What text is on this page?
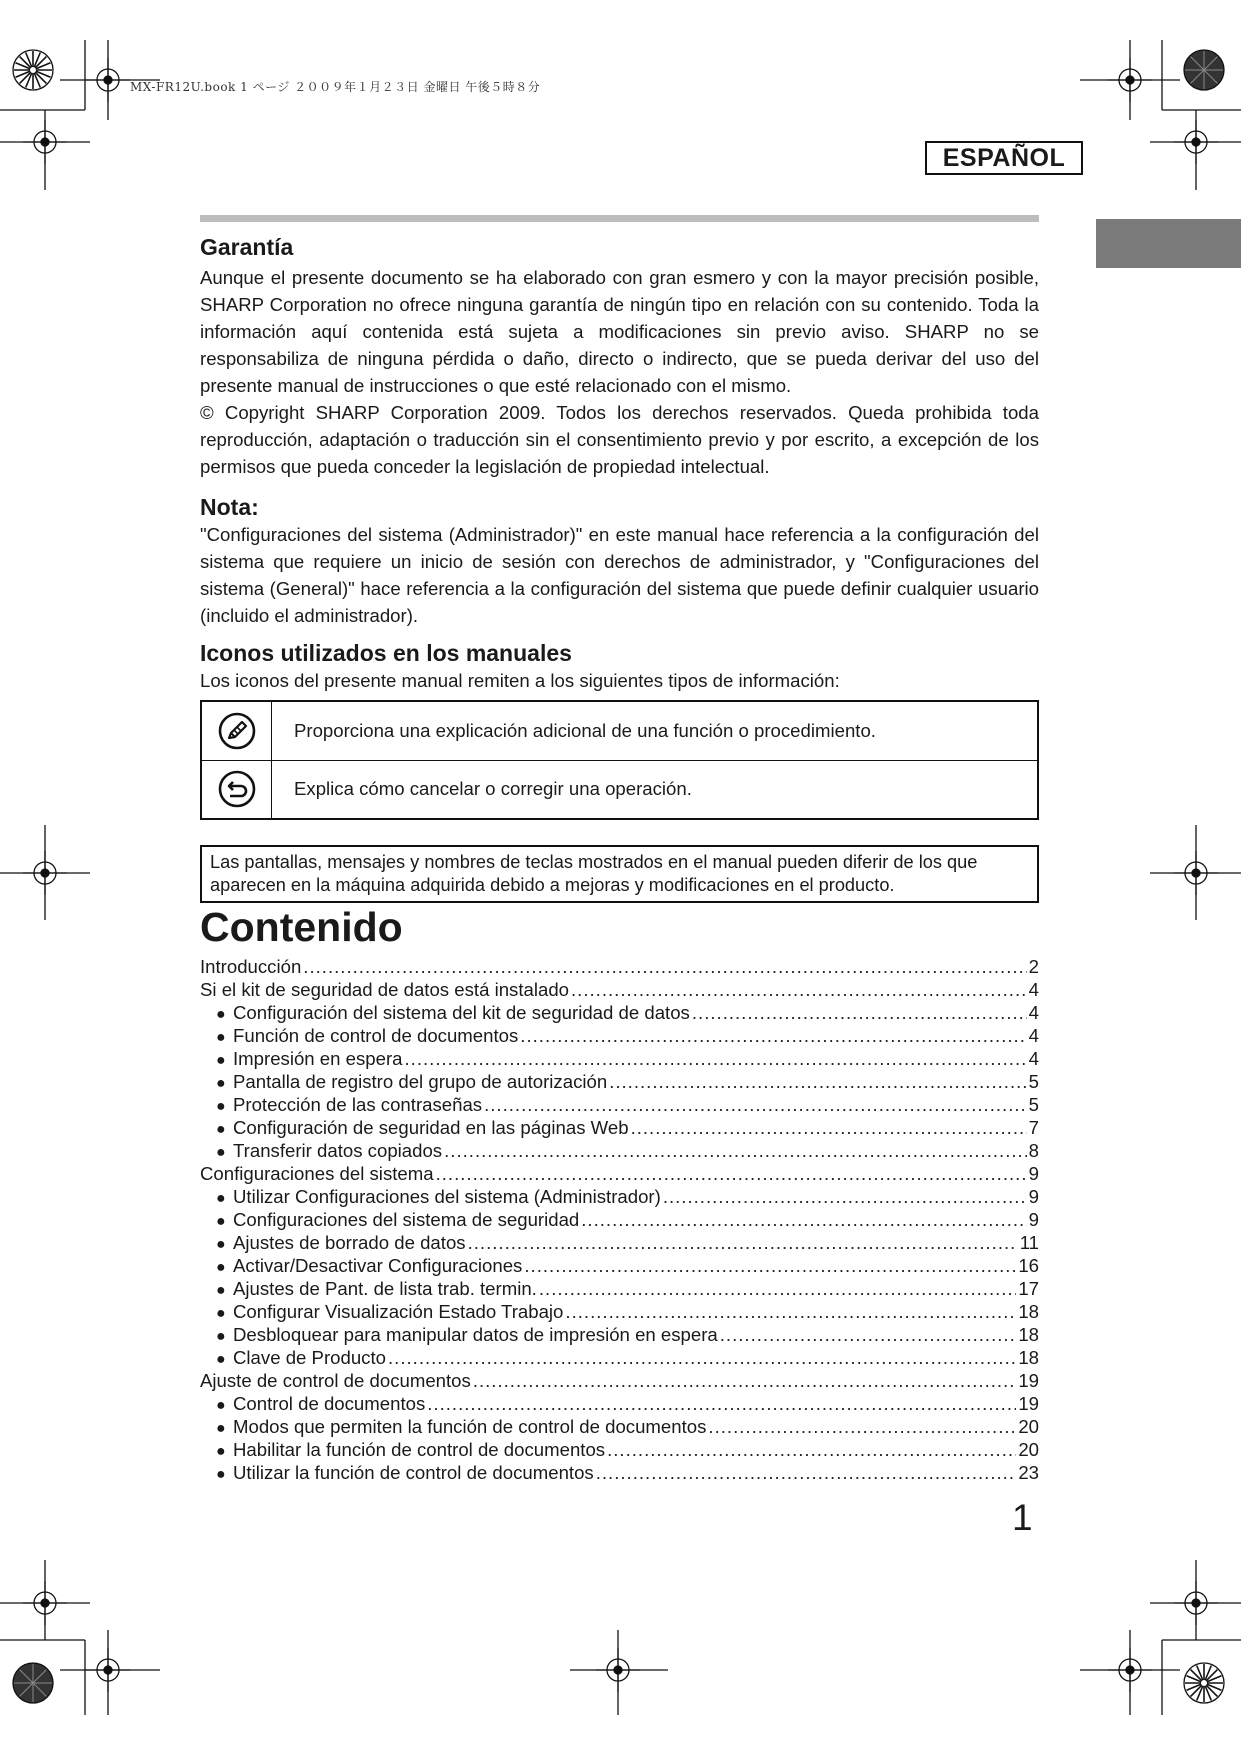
MX-FR12U.book 1 ページ ２００９年１月２３日 金曜日 午後５時８分
ESPAÑOL
Garantía

Aunque el presente documento se ha elaborado con gran esmero y con la mayor precisión posible, SHARP Corporation no ofrece ninguna garantía de ningún tipo en relación con su contenido. Toda la información aquí contenida está sujeta a modificaciones sin previo aviso. SHARP no se responsabiliza de ninguna pérdida o daño, directo o indirecto, que se pueda derivar del uso del presente manual de instrucciones o que esté relacionado con el mismo.

© Copyright SHARP Corporation 2009. Todos los derechos reservados. Queda prohibida toda reproducción, adaptación o traducción sin el consentimiento previo y por escrito, a excepción de los permisos que pueda conceder la legislación de propiedad intelectual.

Nota:

"Configuraciones del sistema (Administrador)" en este manual hace referencia a la configuración del sistema que requiere un inicio de sesión con derechos de administrador, y "Configuraciones del sistema (General)" hace referencia a la configuración del sistema que puede definir cualquier usuario (incluido el administrador).

Iconos utilizados en los manuales

Los iconos del presente manual remiten a los siguientes tipos de información:

Proporciona una explicación adicional de una función o procedimiento.
Explica cómo cancelar o corregir una operación.
Las pantallas, mensajes y nombres de teclas mostrados en el manual pueden diferir de los que aparecen en la máquina adquirida debido a mejoras y modificaciones en el producto.
Contenido
Introducción .....	2
Si el kit de seguridad de datos está instalado .....	4
● Configuración del sistema del kit de seguridad de datos .....	4
● Función de control de documentos .....	4
● Impresión en espera .....	4
● Pantalla de registro del grupo de autorización .....	5
● Protección de las contraseñas .....	5
● Configuración de seguridad en las páginas Web .....	7
● Transferir datos copiados .....	8
Configuraciones del sistema .....	9
● Utilizar Configuraciones del sistema (Administrador) .....	9
● Configuraciones del sistema de seguridad .....	9
● Ajustes de borrado de datos .....	11
● Activar/Desactivar Configuraciones .....	16
● Ajustes de Pant. de lista trab. termin. .....	17
● Configurar Visualización Estado Trabajo .....	18
● Desbloquear para manipular datos de impresión en espera .....	18
● Clave de Producto .....	18
Ajuste de control de documentos .....	19
● Control de documentos .....	19
● Modos que permiten la función de control de documentos .....	20
● Habilitar la función de control de documentos .....	20
● Utilizar la función de control de documentos .....	23
1
